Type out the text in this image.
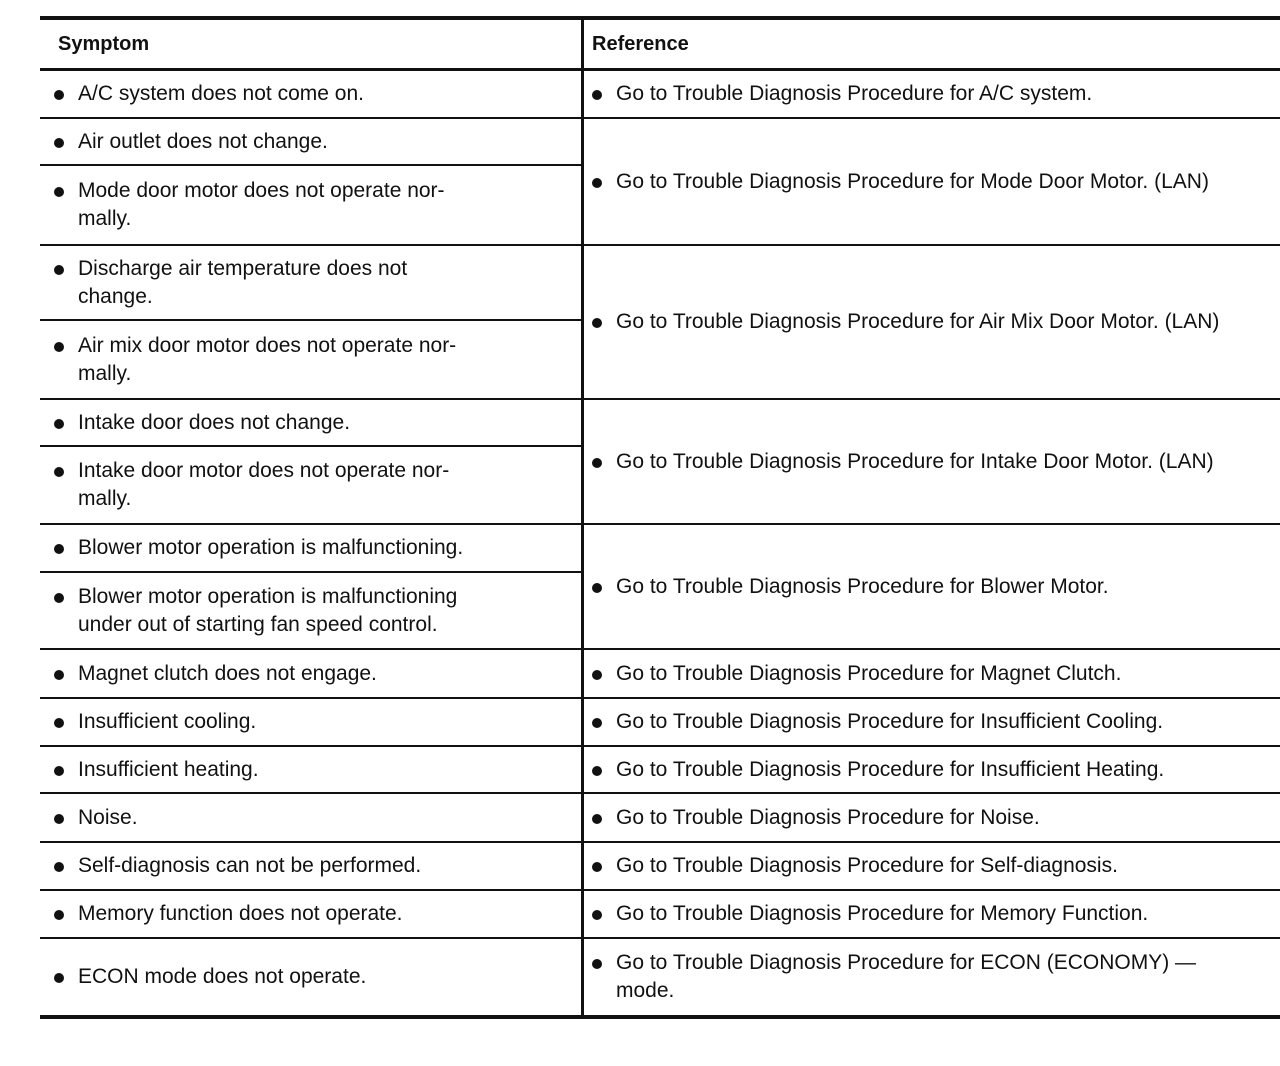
Symptom	Reference
A/C system does not come on.
Air outlet does not change.
Mode door motor does not operate nor-
mally.
Discharge air temperature does not
change.
Air mix door motor does not operate nor-
mally.
Intake door does not change.
Intake door motor does not operate nor-
mally.
Blower motor operation is malfunctioning.
Blower motor operation is malfunctioning
under out of starting fan speed control.
Magnet clutch does not engage.
Insufficient cooling.
Insufficient heating.
Noise.
Self-diagnosis can not be performed.
Memory function does not operate.
ECON mode does not operate.
Go to Trouble Diagnosis Procedure for A/C system.
Go to Trouble Diagnosis Procedure for Mode Door Motor. (LAN)
Go to Trouble Diagnosis Procedure for Air Mix Door Motor. (LAN)
Go to Trouble Diagnosis Procedure for Intake Door Motor. (LAN)
Go to Trouble Diagnosis Procedure for Blower Motor.
Go to Trouble Diagnosis Procedure for Magnet Clutch.
Go to Trouble Diagnosis Procedure for Insufficient Cooling.
Go to Trouble Diagnosis Procedure for Insufficient Heating.
Go to Trouble Diagnosis Procedure for Noise.
Go to Trouble Diagnosis Procedure for Self-diagnosis.
Go to Trouble Diagnosis Procedure for Memory Function.
Go to Trouble Diagnosis Procedure for ECON (ECONOMY) —
mode.
